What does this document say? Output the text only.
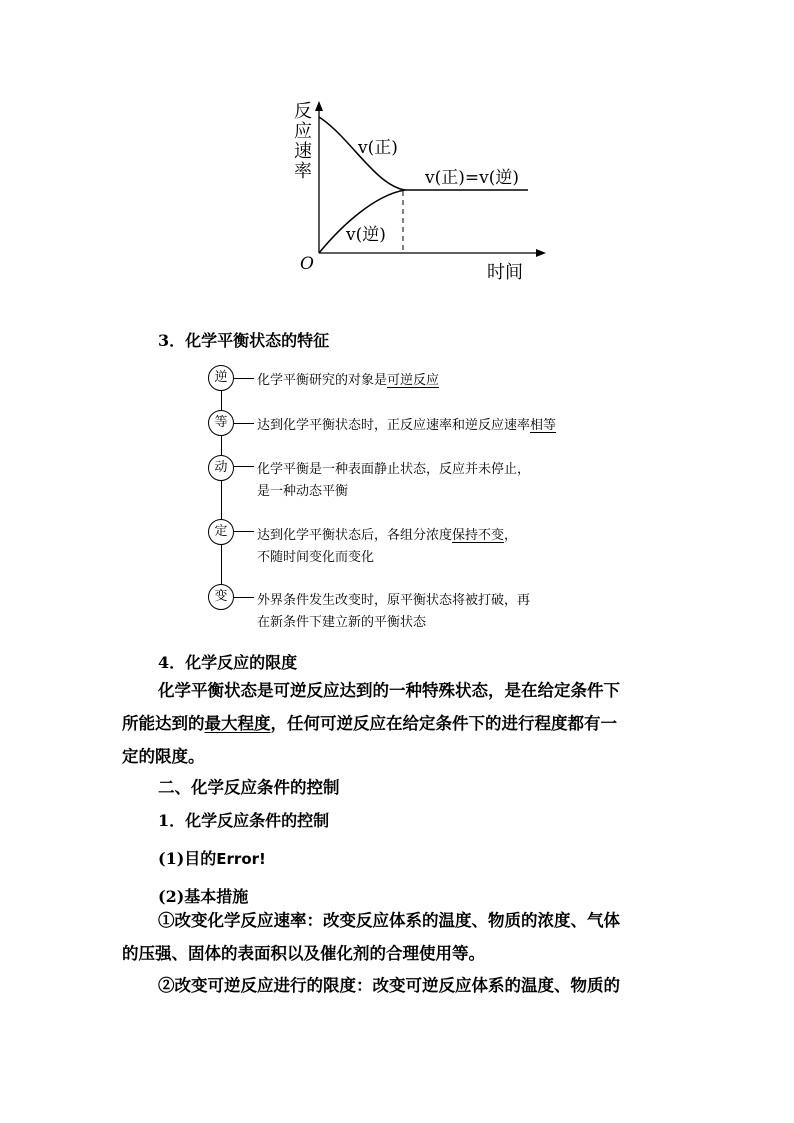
反
应
速
率
O	时间
v(正)
v(逆)
v(正)=v(逆)
3．化学平衡状态的特征
逆	化学平衡研究的对象是可逆反应
等	达到化学平衡状态时，正反应速率和逆反应速率相等
动	化学平衡是一种表面静止状态，反应并未停止，
是一种动态平衡
定	达到化学平衡状态后，各组分浓度保持不变，
不随时间变化而变化
变	外界条件发生改变时，原平衡状态将被打破，再
在新条件下建立新的平衡状态
4．化学反应的限度
化学平衡状态是可逆反应达到的一种特殊状态，是在给定条件下
所能达到的最大程度，任何可逆反应在给定条件下的进行程度都有一
定的限度。
二、化学反应条件的控制
1．化学反应条件的控制
(1)目的Error!
(2)基本措施
①改变化学反应速率：改变反应体系的温度、物质的浓度、气体
的压强、固体的表面积以及催化剂的合理使用等。
②改变可逆反应进行的限度：改变可逆反应体系的温度、物质的
